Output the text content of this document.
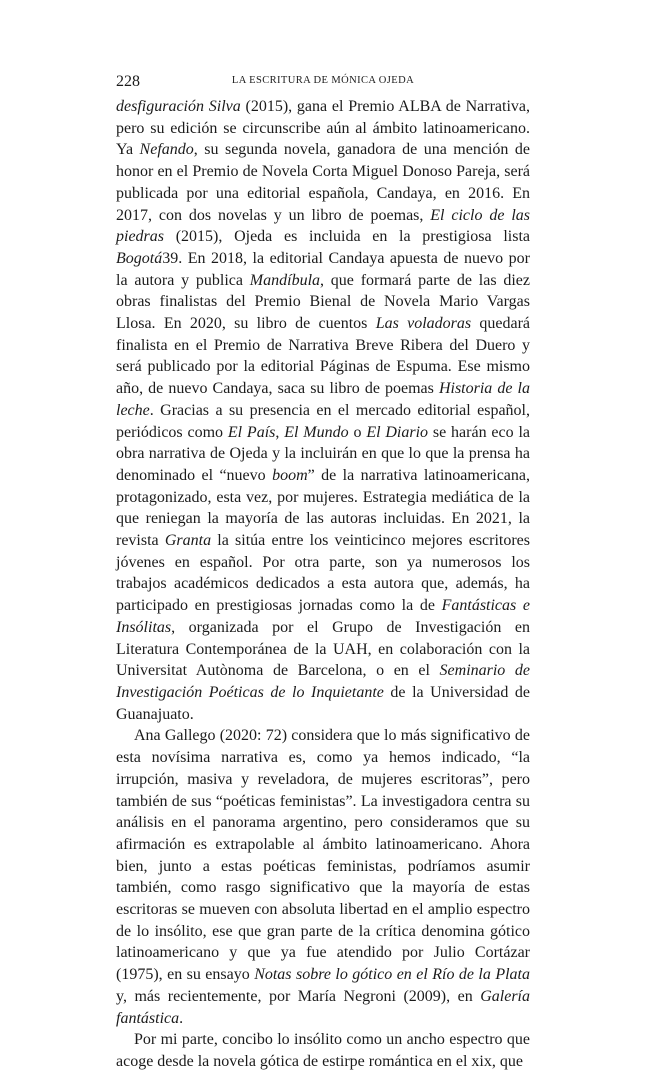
228	LA ESCRITURA DE MÓNICA OJEDA

desfiguración Silva (2015), gana el Premio ALBA de Narrativa, pero su edición se circunscribe aún al ámbito latinoamericano. Ya Nefando, su segunda novela, ganadora de una mención de honor en el Premio de Novela Corta Miguel Donoso Pareja, será publicada por una editorial española, Candaya, en 2016. En 2017, con dos novelas y un libro de poemas, El ciclo de las piedras (2015), Ojeda es incluida en la prestigiosa lista Bogotá39. En 2018, la editorial Candaya apuesta de nuevo por la autora y publica Mandíbula, que formará parte de las diez obras finalistas del Premio Bienal de Novela Mario Vargas Llosa. En 2020, su libro de cuentos Las voladoras quedará finalista en el Premio de Narrativa Breve Ribera del Duero y será publicado por la editorial Páginas de Espuma. Ese mismo año, de nuevo Candaya, saca su libro de poemas Historia de la leche. Gracias a su presencia en el mercado editorial español, periódicos como El País, El Mundo o El Diario se harán eco la obra narrativa de Ojeda y la incluirán en que lo que la prensa ha denominado el “nuevo boom” de la narrativa latinoamericana, protagonizado, esta vez, por mujeres. Estrategia mediática de la que reniegan la mayoría de las autoras incluidas. En 2021, la revista Granta la sitúa entre los veinticinco mejores escritores jóvenes en español. Por otra parte, son ya numerosos los trabajos académicos dedicados a esta autora que, además, ha participado en prestigiosas jornadas como la de Fantásticas e Insólitas, organizada por el Grupo de Investigación en Literatura Contemporánea de la UAH, en colaboración con la Universitat Autònoma de Barcelona, o en el Seminario de Investigación Poéticas de lo Inquietante de la Universidad de Guanajuato.

Ana Gallego (2020: 72) considera que lo más significativo de esta novísima narrativa es, como ya hemos indicado, “la irrupción, masiva y reveladora, de mujeres escritoras”, pero también de sus “poéticas feministas”. La investigadora centra su análisis en el panorama argentino, pero consideramos que su afirmación es extrapolable al ámbito latinoamericano. Ahora bien, junto a estas poéticas feministas, podríamos asumir también, como rasgo significativo que la mayoría de estas escritoras se mueven con absoluta libertad en el amplio espectro de lo insólito, ese que gran parte de la crítica denomina gótico latinoamericano y que ya fue atendido por Julio Cortázar (1975), en su ensayo Notas sobre lo gótico en el Río de la Plata y, más recientemente, por María Negroni (2009), en Galería fantástica.

Por mi parte, concibo lo insólito como un ancho espectro que acoge desde la novela gótica de estirpe romántica en el xix, que
